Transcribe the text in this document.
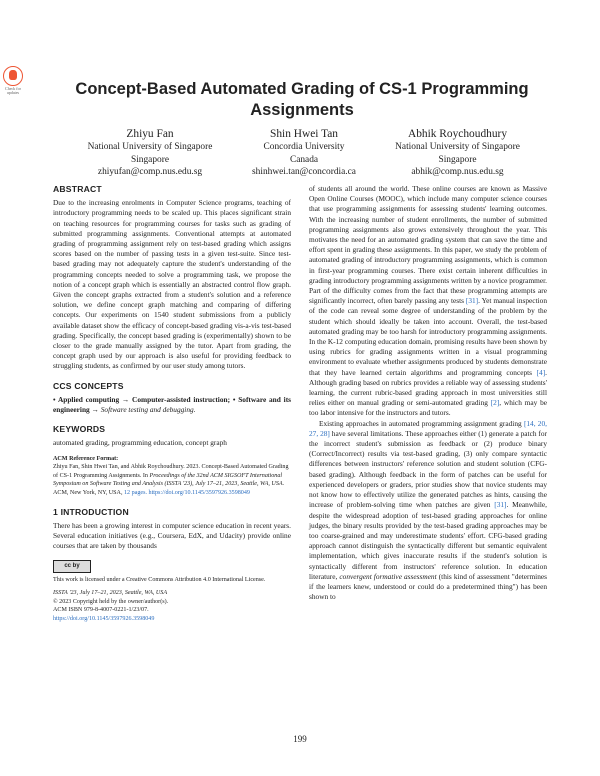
Check for updates	Concept-Based Automated Grading of CS-1 Programming Assignments
Zhiyu Fan
National University of Singapore
Singapore
zhiyufan@comp.nus.edu.sg
Shin Hwei Tan
Concordia University
Canada
shinhwei.tan@concordia.ca
Abhik Roychoudhury
National University of Singapore
Singapore
abhik@comp.nus.edu.sg
ABSTRACT

Due to the increasing enrolments in Computer Science programs, teaching of introductory programming needs to be scaled up. This places significant strain on teaching resources for programming courses for tasks such as grading of submitted programming assignments. Conventional attempts at automated grading of programming assignment rely on test-based grading which assigns scores based on the number of passing tests in a given test-suite. Since test-based grading may not adequately capture the student's understanding of the programming concepts needed to solve a programming task, we propose the notion of a concept graph which is essentially an abstracted control flow graph. Given the concept graphs extracted from a student's solution and a reference solution, we define concept graph matching and comparing of differing concepts. Our experiments on 1540 student submissions from a publicly available dataset show the efficacy of concept-based grading vis-a-vis test-based grading. Specifically, the concept based grading is (experimentally) shown to be closer to the grade manually assigned by the tutor. Apart from grading, the concept graph used by our approach is also useful for providing feedback to struggling students, as confirmed by our user study among tutors.

CCS CONCEPTS

• Applied computing → Computer-assisted instruction; • Software and its engineering → Software testing and debugging.

KEYWORDS

automated grading, programming education, concept graph

ACM Reference Format:
Zhiyu Fan, Shin Hwei Tan, and Abhik Roychoudhury. 2023. Concept-Based Automated Grading of CS-1 Programming Assignments. In Proceedings of the 32nd ACM SIGSOFT International Symposium on Software Testing and Analysis (ISSTA '23), July 17–21, 2023, Seattle, WA, USA. ACM, New York, NY, USA, 12 pages. https://doi.org/10.1145/3597926.3598049
1 INTRODUCTION

There has been a growing interest in computer science education in recent years. Several education initiatives (e.g., Coursera, EdX, and Udacity) provide online courses that are taken by thousands

cc by
This work is licensed under a Creative Commons Attribution 4.0 International License.
ISSTA '23, July 17–21, 2023, Seattle, WA, USA
© 2023 Copyright held by the owner/author(s).
ACM ISBN 979-8-4007-0221-1/23/07.
https://doi.org/10.1145/3597926.3598049

of students all around the world. These online courses are known as Massive Open Online Courses (MOOC), which include many computer science courses that use programming assignments for assessing students' learning outcomes. With the increasing number of student enrollments, the number of submitted programming assignments also grows extensively throughout the year. This motivates the need for an automated grading system that can save the time and effort spent in grading these assignments. In this paper, we study the problem of automated grading of introductory programming assignments, which is common in first-year programming courses. There exist certain inherent difficulties in grading introductory programming assignments written by a novice programmer. Part of the difficulty comes from the fact that these programming attempts are significantly incorrect, often barely passing any tests [31]. Yet manual inspection of the code can reveal some degree of understanding of the problem by the student which should ideally be taken into account. Overall, the test-based automated grading may be too harsh for introductory programming assignments. In the K-12 computing education domain, promising results have been shown by using rubrics for grading assignments written in a visual programming environment to evaluate whether assignments produced by students demonstrate that they have learned certain algorithms and programming concepts [4]. Although grading based on rubrics provides a reliable way of assessing students' learning, the current rubric-based grading approach in most universities still relies either on manual grading or semi-automated grading [2], which may be too labor intensive for the instructors and tutors.

Existing approaches in automated programming assignment grading [14, 20, 27, 28] have several limitations. These approaches either (1) generate a patch for the incorrect student's submission as feedback or (2) produce binary (Correct/Incorrect) results via test-based grading, (3) only compare syntactic differences between instructors' reference solution and student solution (CFG-based grading). Although feedback in the form of patches can be useful for experienced developers or graders, prior studies show that novice students may not know how to effectively utilize the generated patches as hints, causing the increase of problem-solving time when patches are given [31]. Meanwhile, despite the widespread adoption of test-based grading approaches for online judges, the binary results provided by the test-based grading approaches may be too coarse-grained and may underestimate students' effort. CFG-based grading approach cannot distinguish the syntactically different but semantic equivalent implementation, which gives inaccurate results if the student's solution is syntactically different from instructors' reference solution. In education literature, convergent formative assessment (this kind of assessment "determines if the learners knew, understood or could do a predetermined thing") has been shown to

199
